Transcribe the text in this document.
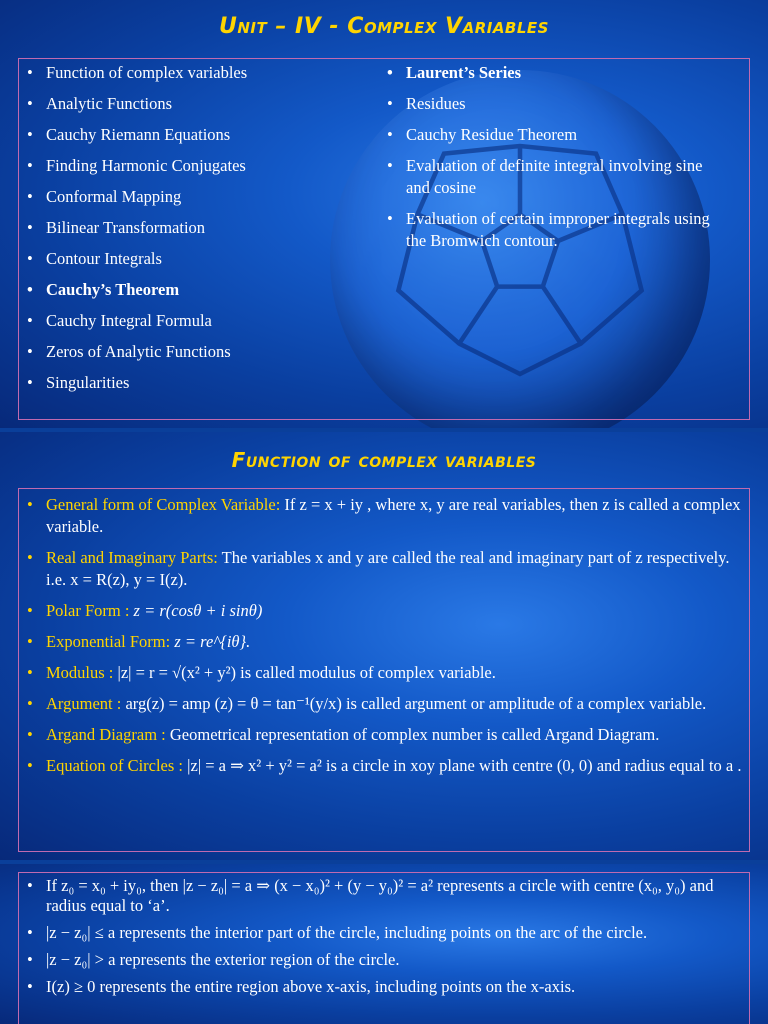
Unit – IV - Complex Variables
• Function of complex variables
• Analytic Functions
• Cauchy Riemann Equations
• Finding Harmonic Conjugates
• Conformal Mapping
• Bilinear Transformation
• Contour Integrals
• Cauchy’s Theorem
• Cauchy Integral Formula
• Zeros of Analytic Functions
• Singularities
• Laurent’s Series
• Residues
• Cauchy Residue Theorem
• Evaluation of definite integral involving sine and cosine
• Evaluation of certain improper integrals using the Bromwich contour.
Function of complex variables
• General form of Complex Variable: If z = x + iy , where x, y are real variables, then z is called a complex variable.
• Real and Imaginary Parts: The variables x and y are called the real and imaginary part of z respectively. i.e. x = R(z), y = I(z).
• Polar Form : z = r(cosθ + i sinθ)
• Exponential Form: z = re^{iθ}.
• Modulus : |z| = r = √(x² + y²) is called modulus of complex variable.
• Argument : arg(z) = amp (z) = θ = tan⁻¹(y/x) is called argument or amplitude of a complex variable.
• Argand Diagram : Geometrical representation of complex number is called Argand Diagram.
• Equation of Circles : |z| = a ⇒ x² + y² = a² is a circle in xoy plane with centre (0, 0) and radius equal to a .
• If z₀ = x₀ + iy₀, then |z − z₀| = a ⇒ (x − x₀)² + (y − y₀)² = a² represents a circle with centre (x₀, y₀) and radius equal to ‘a’.
• |z − z₀| ≤ a represents the interior part of the circle, including points on the arc of the circle.
• |z − z₀| > a represents the exterior region of the circle.
• I(z) ≥ 0 represents the entire region above x-axis, including points on the x-axis.
